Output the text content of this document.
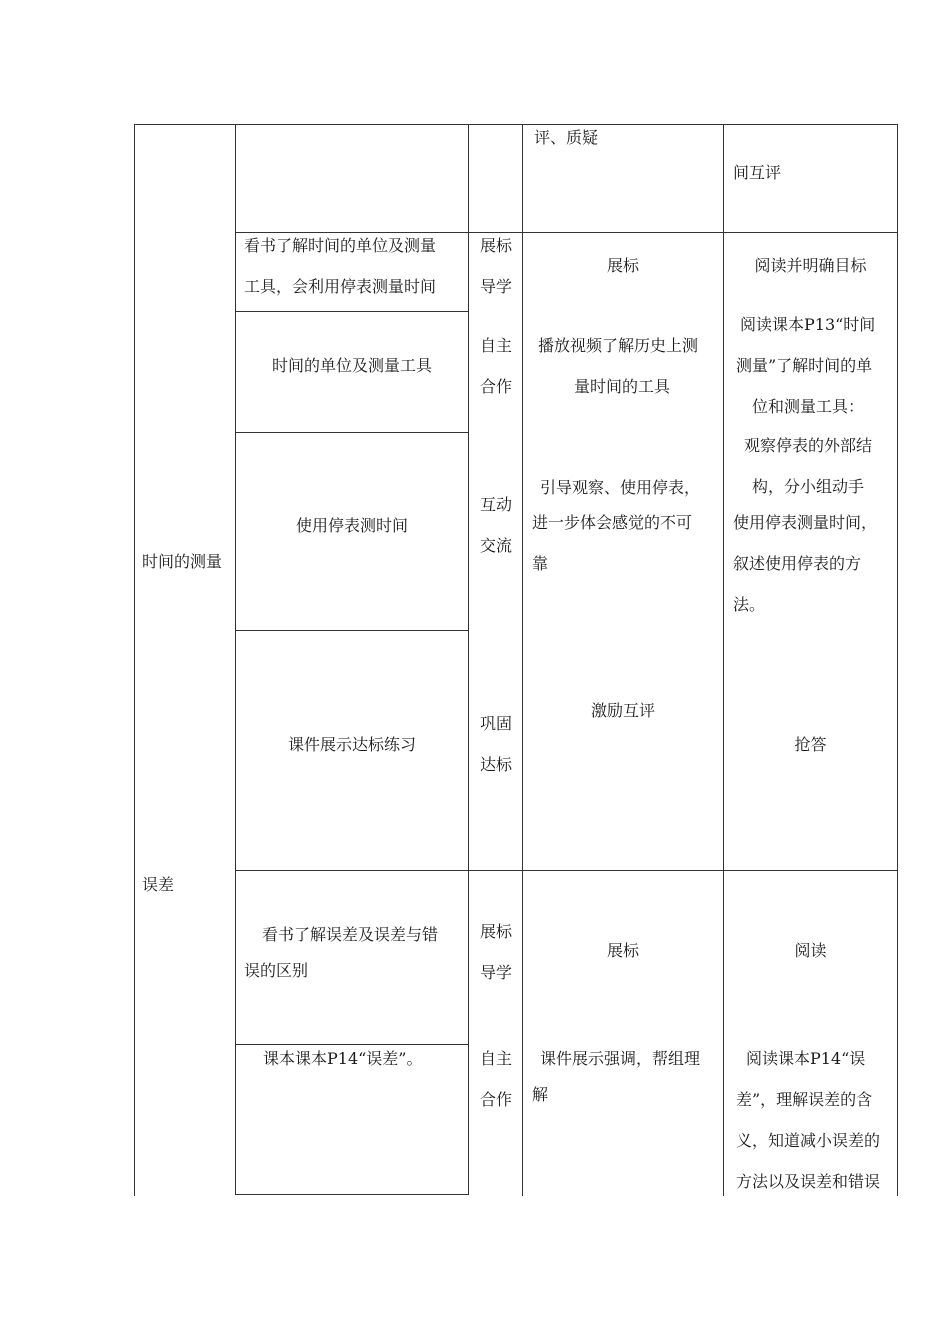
时间的测量
误差
评、质疑
间互评
看书了解时间的单位及测量
工具，会利用停表测量时间
时间的单位及测量工具
使用停表测时间
课件展示达标练习
展标
导学
自主
合作
互动
交流
巩固
达标
展标
播放视频了解历史上测
量时间的工具
引导观察、使用停表，
进一步体会感觉的不可
靠
激励互评
阅读并明确目标
阅读课本P13“时间
测量”了解时间的单
位和测量工具：
观察停表的外部结
构，分小组动手
使用停表测量时间，
叙述使用停表的方
法。
抢答
看书了解误差及误差与错
误的区别
课本课本P14“误差”。
展标
导学
自主
合作
展标
课件展示强调，帮组理
解
阅读
阅读课本P14“误
差”，理解误差的含
义，知道减小误差的
方法以及误差和错误
